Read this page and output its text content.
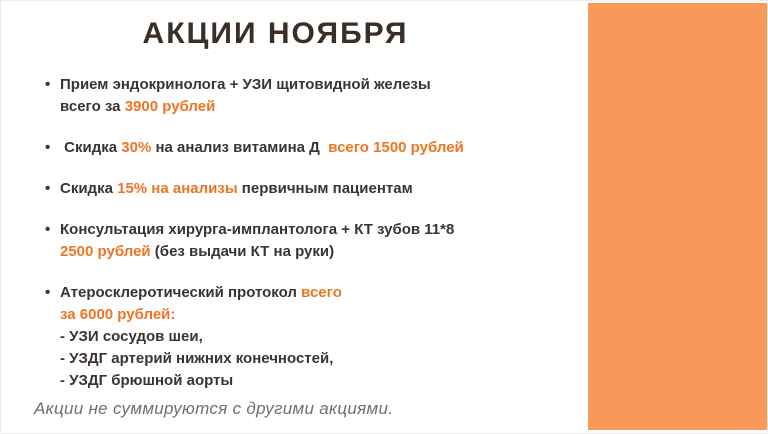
АКЦИИ НОЯБРЯ
• Прием эндокринолога + УЗИ щитовидной железы
всего за 3900 рублей
• Скидка 30% на анализ витамина Д  всего 1500 рублей
• Скидка 15% на анализы первичным пациентам
• Консультация хирурга-имплантолога + КТ зубов 11*8
2500 рублей (без выдачи КТ на руки)
• Атеросклеротический протокол всего
за 6000 рублей:
- УЗИ сосудов шеи,
- УЗДГ артерий нижних конечностей,
- УЗДГ брюшной аорты
Акции не суммируются с другими акциями.
